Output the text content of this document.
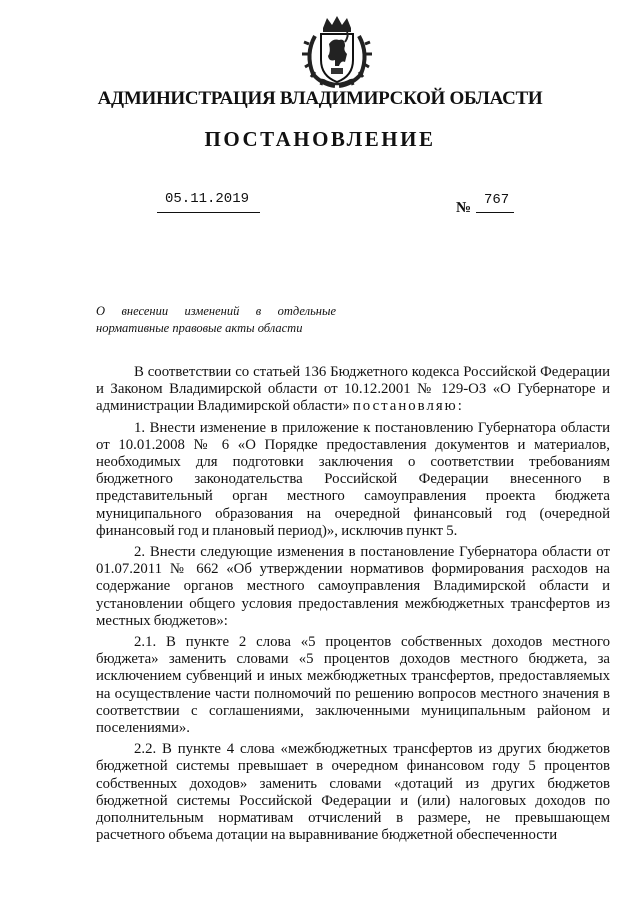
АДМИНИСТРАЦИЯ ВЛАДИМИРСКОЙ ОБЛАСТИ
ПОСТАНОВЛЕНИЕ
05.11.2019
№ 767
О внесении изменений в отдельные
нормативные правовые акты области

В соответствии со статьей 136 Бюджетного кодекса Российской Федерации и Законом Владимирской области от 10.12.2001 № 129-ОЗ «О Губернаторе и администрации Владимирской области» постановляю:

1. Внести изменение в приложение к постановлению Губернатора области от 10.01.2008 № 6 «О Порядке предоставления документов и материалов, необходимых для подготовки заключения о соответствии требованиям бюджетного законодательства Российской Федерации внесенного в представительный орган местного самоуправления проекта бюджета муниципального образования на очередной финансовый год (очередной финансовый год и плановый период)», исключив пункт 5.

2. Внести следующие изменения в постановление Губернатора области от 01.07.2011 № 662 «Об утверждении нормативов формирования расходов на содержание органов местного самоуправления Владимирской области и установлении общего условия предоставления межбюджетных трансфертов из местных бюджетов»:

2.1. В пункте 2 слова «5 процентов собственных доходов местного бюджета» заменить словами «5 процентов доходов местного бюджета, за исключением субвенций и иных межбюджетных трансфертов, предоставляемых на осуществление части полномочий по решению вопросов местного значения в соответствии с соглашениями, заключенными муниципальным районом и поселениями».

2.2. В пункте 4 слова «межбюджетных трансфертов из других бюджетов бюджетной системы превышает в очередном финансовом году 5 процентов собственных доходов» заменить словами «дотаций из других бюджетов бюджетной системы Российской Федерации и (или) налоговых доходов по дополнительным нормативам отчислений в размере, не превышающем расчетного объема дотации на выравнивание бюджетной обеспеченности
